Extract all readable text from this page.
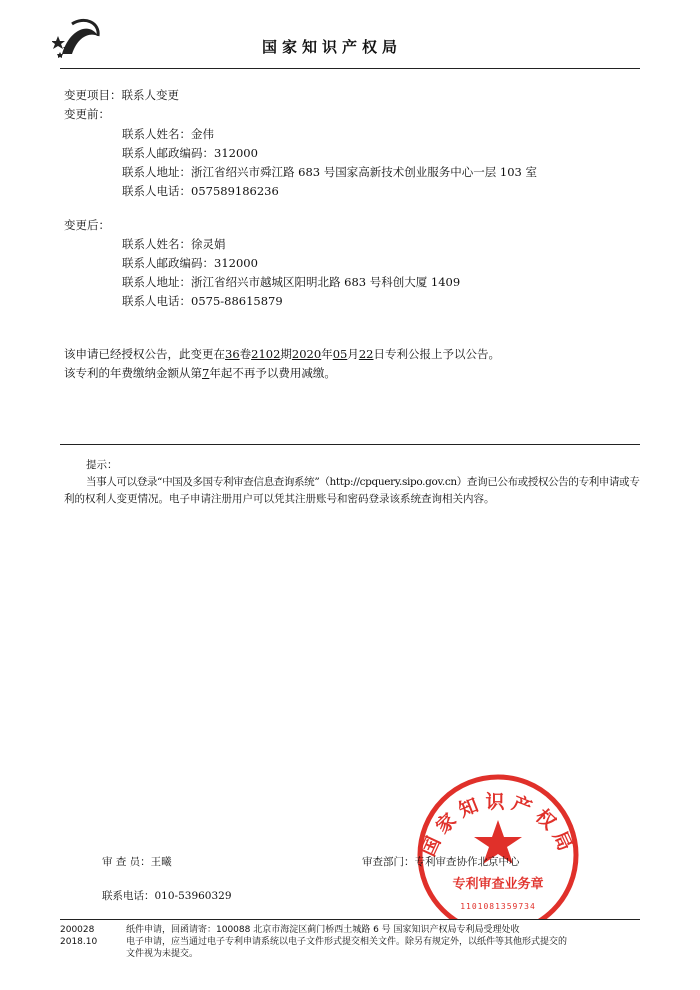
国家知识产权局
变更项目：联系人变更
变更前：
联系人姓名：金伟
联系人邮政编码：312000
联系人地址：浙江省绍兴市舜江路 683 号国家高新技术创业服务中心一层 103 室
联系人电话：057589186236
变更后：
联系人姓名：徐灵娟
联系人邮政编码：312000
联系人地址：浙江省绍兴市越城区阳明北路 683 号科创大厦 1409
联系人电话：0575-88615879
该申请已经授权公告，此变更在36卷2102期2020年05月22日专利公报上予以公告。
该专利的年费缴纳金额从第7年起不再予以费用减缴。
提示：
当事人可以登录“中国及多国专利审查信息查询系统”（http://cpquery.sipo.gov.cn）查询已公布或授权公告的专利申请或专
利的权利人变更情况。电子申请注册用户可以凭其注册账号和密码登录该系统查询相关内容。
国家知识产权局
专利审查业务章
1101081359734
审 查 员：王曦	审查部门：专利审查协作北京中心
联系电话：010-53960329
200028
2018.10
纸件申请，回函请寄：100088 北京市海淀区蓟门桥西土城路 6 号 国家知识产权局专利局受理处收
电子申请，应当通过电子专利申请系统以电子文件形式提交相关文件。除另有规定外，以纸件等其他形式提交的
文件视为未提交。
